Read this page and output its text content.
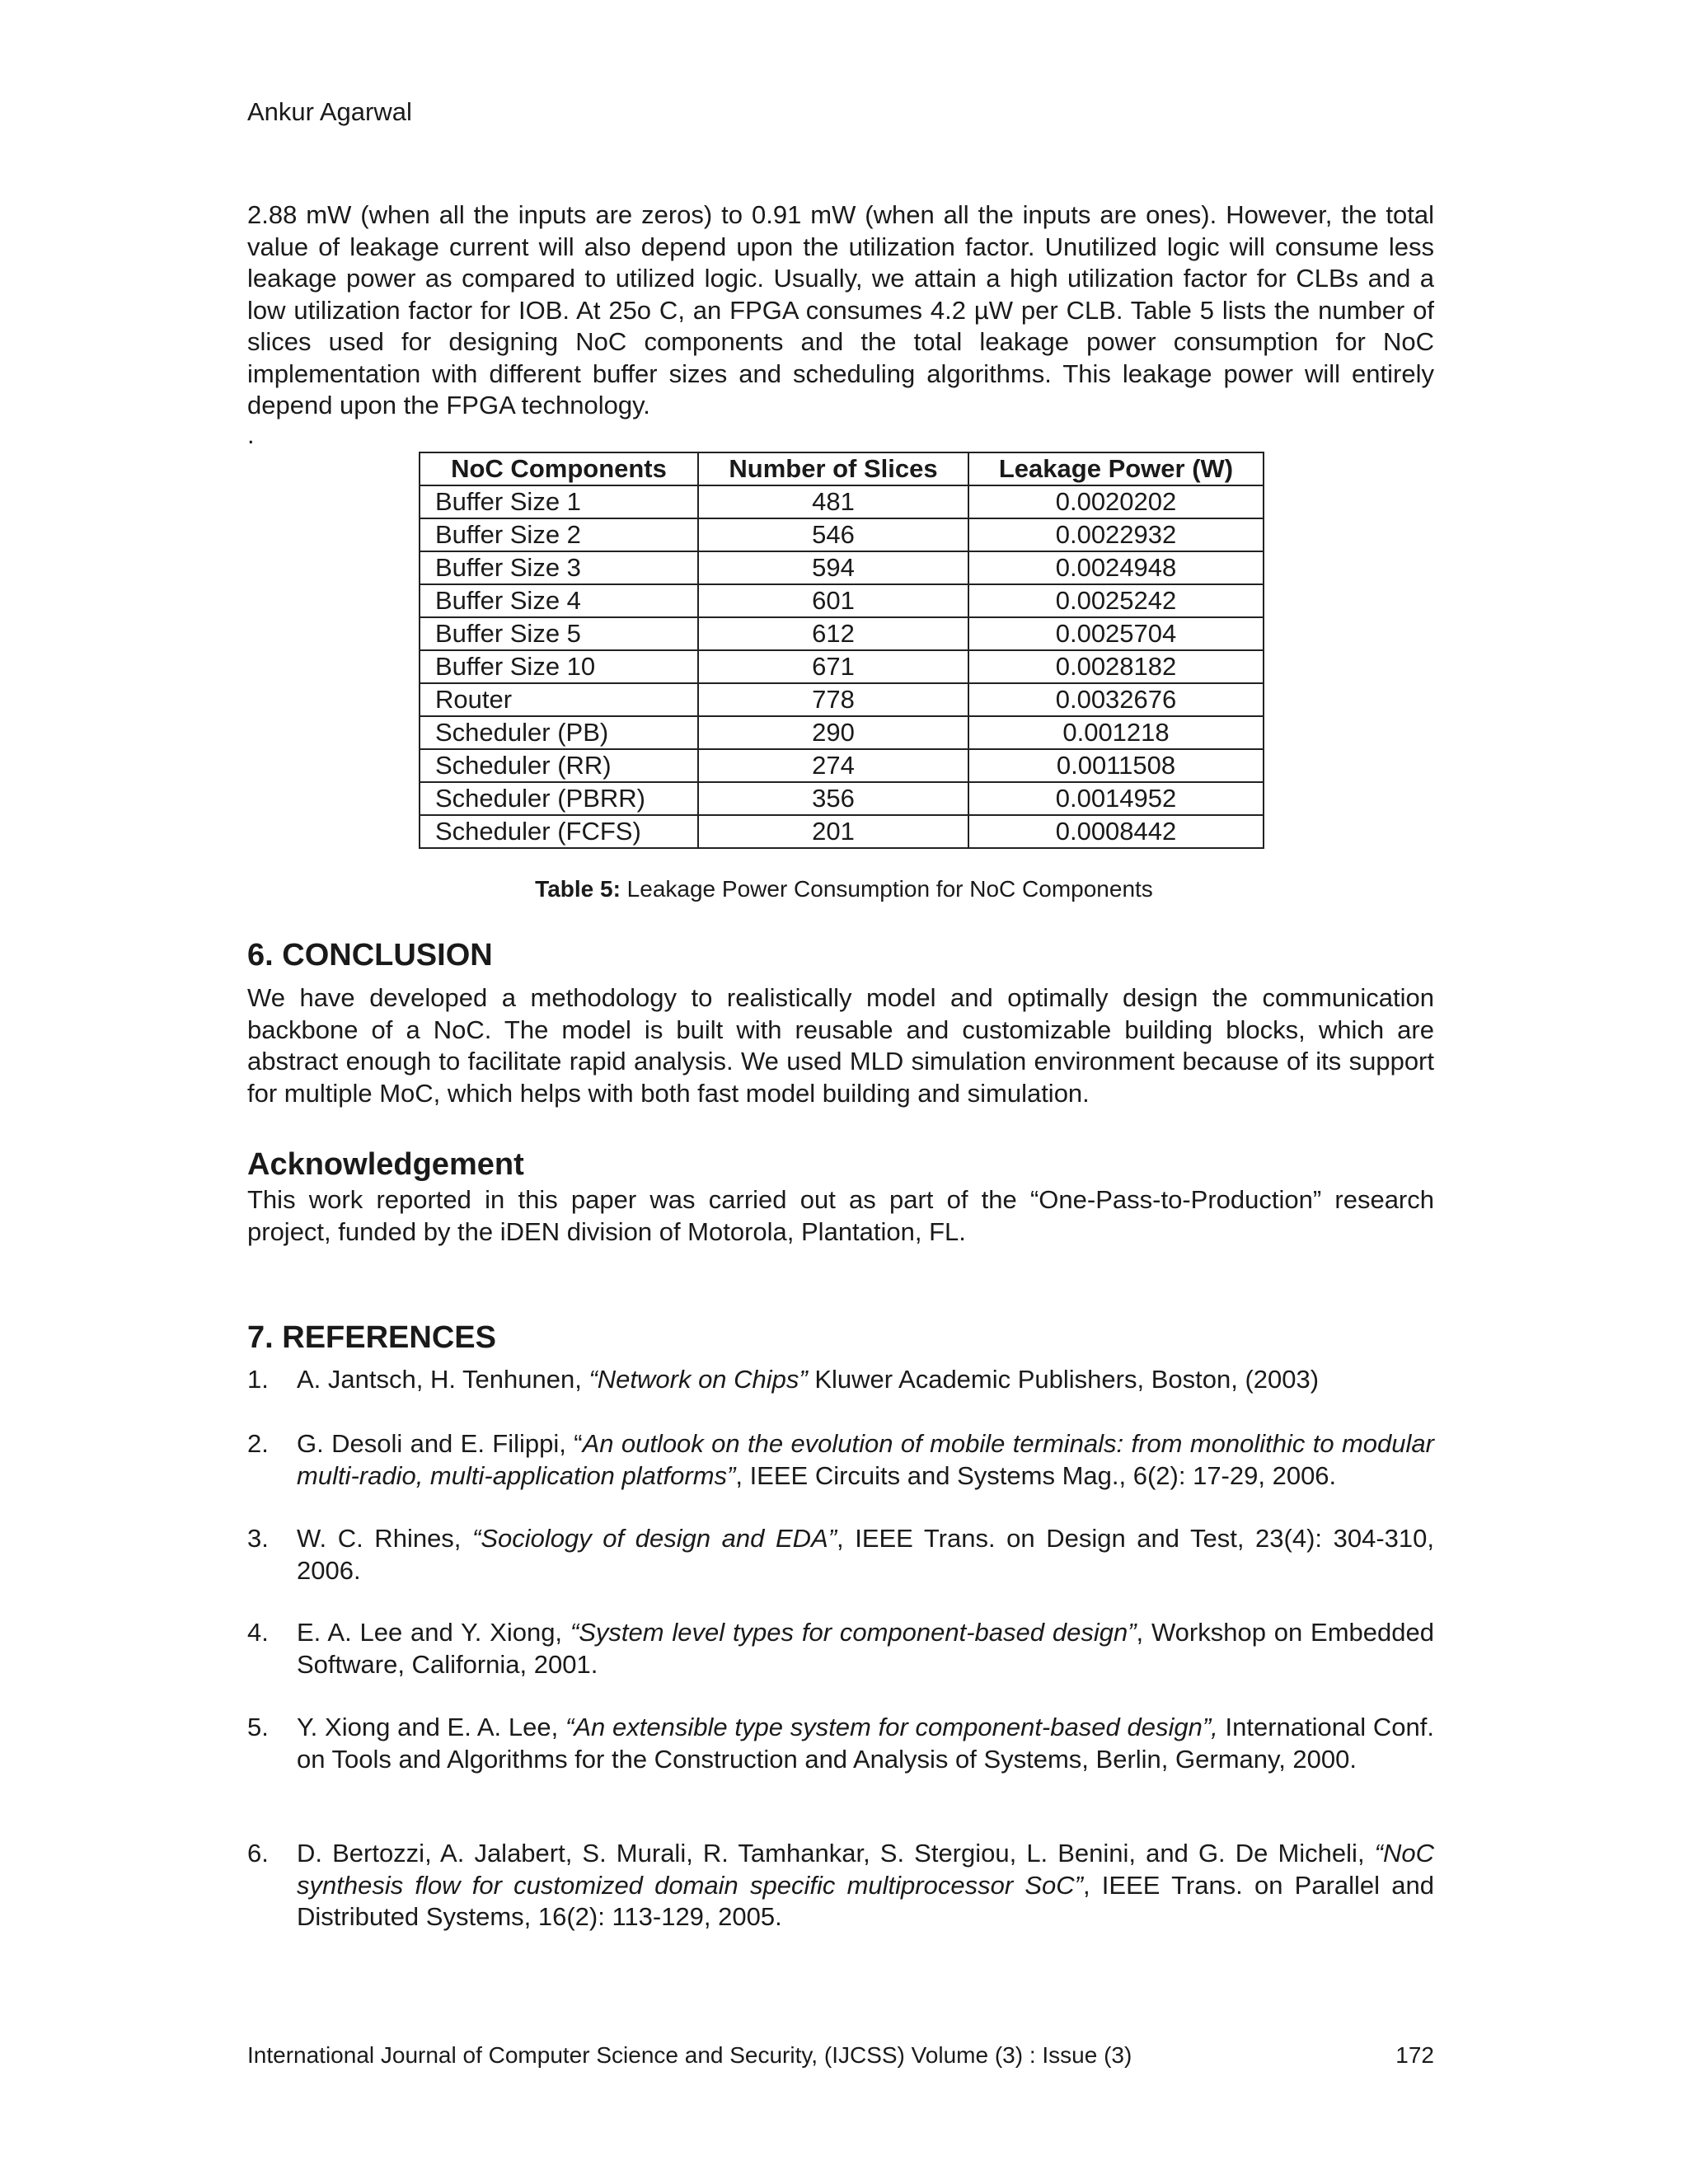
Ankur Agarwal

2.88 mW (when all the inputs are zeros) to 0.91 mW (when all the inputs are ones). However, the total value of leakage current will also depend upon the utilization factor. Unutilized logic will consume less leakage power as compared to utilized logic. Usually, we attain a high utilization factor for CLBs and a low utilization factor for IOB. At 25o C, an FPGA consumes 4.2 µW per CLB. Table 5 lists the number of slices used for designing NoC components and the total leakage power consumption for NoC implementation with different buffer sizes and scheduling algorithms. This leakage power will entirely depend upon the FPGA technology.

.
NoC Components	Number of Slices	Leakage Power (W)
Buffer Size 1	481	0.0020202
Buffer Size 2	546	0.0022932
Buffer Size 3	594	0.0024948
Buffer Size 4	601	0.0025242
Buffer Size 5	612	0.0025704
Buffer Size 10	671	0.0028182
Router	778	0.0032676
Scheduler (PB)	290	0.001218
Scheduler (RR)	274	0.0011508
Scheduler (PBRR)	356	0.0014952
Scheduler (FCFS)	201	0.0008442
Table 5: Leakage Power Consumption for NoC Components
6. CONCLUSION

We have developed a methodology to realistically model and optimally design the communication backbone of a NoC. The model is built with reusable and customizable building blocks, which are abstract enough to facilitate rapid analysis. We used MLD simulation environment because of its support for multiple MoC, which helps with both fast model building and simulation.

Acknowledgement

This work reported in this paper was carried out as part of the “One-Pass-to-Production” research project, funded by the iDEN division of Motorola, Plantation, FL.

7. REFERENCES
1. A. Jantsch, H. Tenhunen, “Network on Chips” Kluwer Academic Publishers, Boston, (2003)
2. G. Desoli and E. Filippi, “An outlook on the evolution of mobile terminals: from monolithic to modular multi-radio, multi-application platforms”, IEEE Circuits and Systems Mag., 6(2): 17-29, 2006.
3. W. C. Rhines, “Sociology of design and EDA”, IEEE Trans. on Design and Test, 23(4): 304-310, 2006.
4. E. A. Lee and Y. Xiong, “System level types for component-based design”, Workshop on Embedded Software, California, 2001.
5. Y. Xiong and E. A. Lee, “An extensible type system for component-based design”, International Conf. on Tools and Algorithms for the Construction and Analysis of Systems, Berlin, Germany, 2000.
6. D. Bertozzi, A. Jalabert, S. Murali, R. Tamhankar, S. Stergiou, L. Benini, and G. De Micheli, “NoC synthesis flow for customized domain specific multiprocessor SoC”, IEEE Trans. on Parallel and Distributed Systems, 16(2): 113-129, 2005.
International Journal of Computer Science and Security, (IJCSS) Volume (3) : Issue (3)	172
